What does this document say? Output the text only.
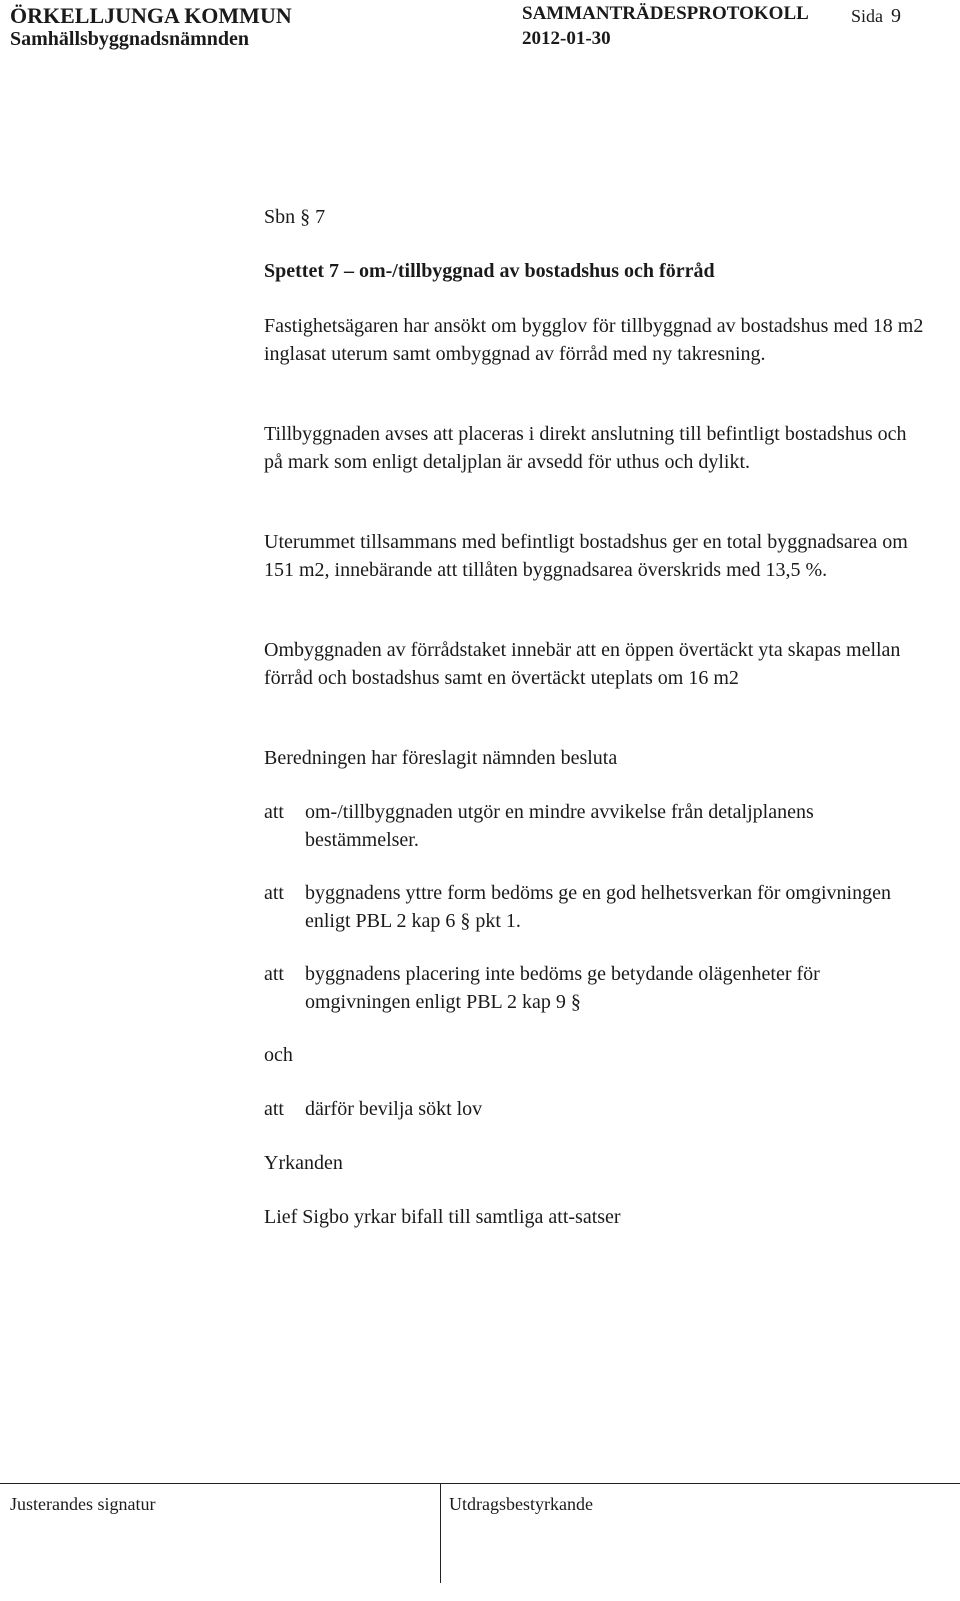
ÖRKELLJUNGA KOMMUN
Samhällsbyggnadsnämnden
SAMMANTRÄDESPROTOKOLL
2012-01-30
Sida 9

Sbn § 7

Spettet 7 – om-/tillbyggnad av bostadshus och förråd

Fastighetsägaren har ansökt om bygglov för tillbyggnad av bostadshus med 18 m2 inglasat uterum samt ombyggnad av förråd med ny takresning.

Tillbyggnaden avses att placeras i direkt anslutning till befintligt bostadshus och på mark som enligt detaljplan är avsedd för uthus och dylikt.

Uterummet tillsammans med befintligt bostadshus ger en total byggnadsarea om 151 m2, innebärande att tillåten byggnadsarea överskrids med 13,5 %.

Ombyggnaden av förrådstaket innebär att en öppen övertäckt yta skapas mellan förråd och bostadshus samt en övertäckt uteplats om 16 m2

Beredningen har föreslagit nämnden besluta

att om-/tillbyggnaden utgör en mindre avvikelse från detaljplanens bestämmelser.
att byggnadens yttre form bedöms ge en god helhetsverkan för omgivningen enligt PBL 2 kap 6 § pkt 1.
att byggnadens placering inte bedöms ge betydande olägenheter för omgivningen enligt PBL 2 kap 9 §

och

att därför bevilja sökt lov

Yrkanden

Lief Sigbo yrkar bifall till samtliga att-satser

Justerandes signatur	Utdragsbestyrkande
